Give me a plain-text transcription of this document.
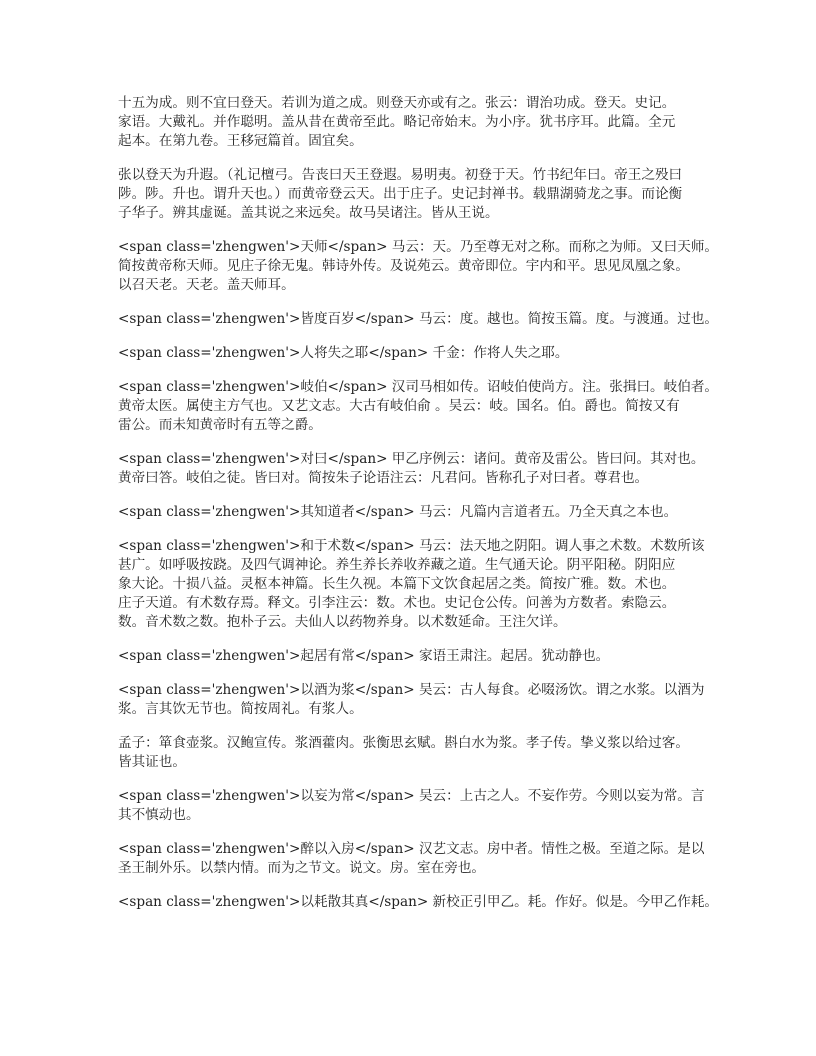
十五为成。则不宜曰登天。若训为道之成。则登天亦或有之。张云：谓治功成。登天。史记。
家语。大戴礼。并作聪明。盖从昔在黄帝至此。略记帝始末。为小序。犹书序耳。此篇。全元
起本。在第九卷。王移冠篇首。固宜矣。
张以登天为升遐。（礼记檀弓。告丧曰天王登遐。易明夷。初登于天。竹书纪年曰。帝王之殁曰
陟。陟。升也。谓升天也。）而黄帝登云天。出于庄子。史记封禅书。载鼎湖骑龙之事。而论衡
子华子。辨其虚诞。盖其说之来远矣。故马吴诸注。皆从王说。
<span class='zhengwen'>天师</span> 马云：天。乃至尊无对之称。而称之为师。又曰天师。
简按黄帝称天师。见庄子徐无鬼。韩诗外传。及说苑云。黄帝即位。宇内和平。思见凤凰之象。
以召天老。天老。盖天师耳。
<span class='zhengwen'>皆度百岁</span> 马云：度。越也。简按玉篇。度。与渡通。过也。
<span class='zhengwen'>人将失之耶</span> 千金：作将人失之耶。
<span class='zhengwen'>岐伯</span> 汉司马相如传。诏岐伯使尚方。注。张揖曰。岐伯者。
黄帝太医。属使主方气也。又艺文志。大古有岐伯俞 。吴云：岐。国名。伯。爵也。简按又有
雷公。而未知黄帝时有五等之爵。
<span class='zhengwen'>对曰</span> 甲乙序例云：诸问。黄帝及雷公。皆曰问。其对也。
黄帝曰答。岐伯之徒。皆曰对。简按朱子论语注云：凡君问。皆称孔子对曰者。尊君也。
<span class='zhengwen'>其知道者</span> 马云：凡篇内言道者五。乃全天真之本也。
<span class='zhengwen'>和于术数</span> 马云：法天地之阴阳。调人事之术数。术数所该
甚广。如呼吸按跷。及四气调神论。养生养长养收养藏之道。生气通天论。阴平阳秘。阴阳应
象大论。十损八益。灵枢本神篇。长生久视。本篇下文饮食起居之类。简按广雅。数。术也。
庄子天道。有术数存焉。释文。引李注云：数。术也。史记仓公传。问善为方数者。索隐云。
数。音术数之数。抱朴子云。夫仙人以药物养身。以术数延命。王注欠详。
<span class='zhengwen'>起居有常</span> 家语王肃注。起居。犹动静也。
<span class='zhengwen'>以酒为浆</span> 吴云：古人每食。必啜汤饮。谓之水浆。以酒为
浆。言其饮无节也。简按周礼。有浆人。
孟子：箪食壶浆。汉鲍宣传。浆酒藿肉。张衡思玄赋。斟白水为浆。孝子传。挚义浆以给过客。
皆其证也。
<span class='zhengwen'>以妄为常</span> 吴云：上古之人。不妄作劳。今则以妄为常。言
其不慎动也。
<span class='zhengwen'>醉以入房</span> 汉艺文志。房中者。情性之极。至道之际。是以
圣王制外乐。以禁内情。而为之节文。说文。房。室在旁也。
<span class='zhengwen'>以耗散其真</span> 新校正引甲乙。耗。作好。似是。今甲乙作耗。
